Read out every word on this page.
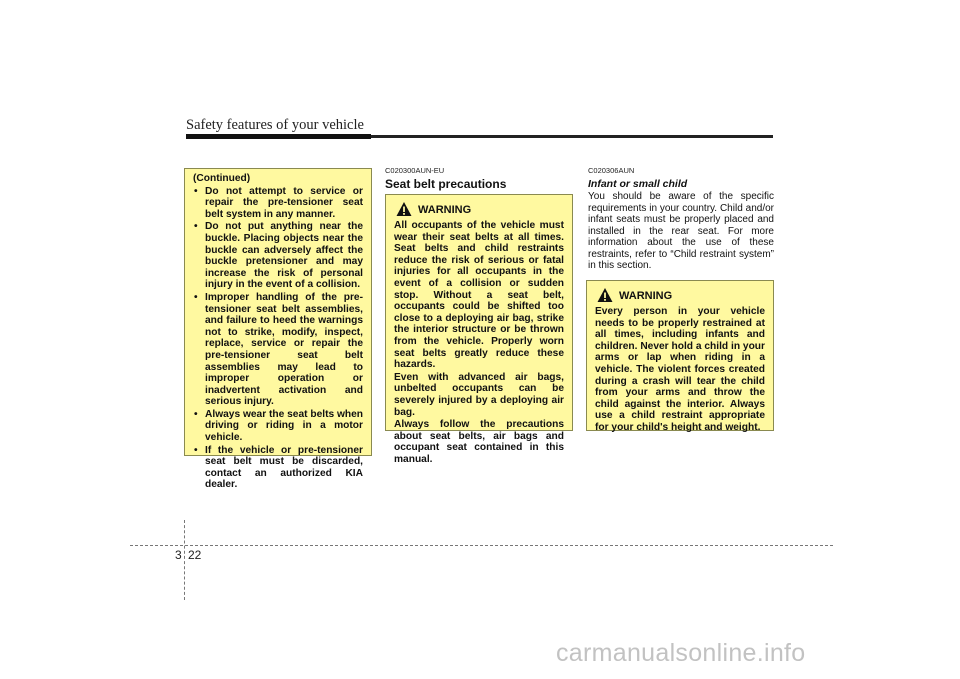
Safety features of your vehicle
(Continued)
• Do not attempt to service or repair the pre-tensioner seat belt system in any manner.
• Do not put anything near the buckle. Placing objects near the buckle can adversely affect the buckle pretensioner and may increase the risk of personal injury in the event of a collision.
• Improper handling of the pre-tensioner seat belt assemblies, and failure to heed the warnings not to strike, modify, inspect, replace, service or repair the pre-tensioner seat belt assemblies may lead to improper operation or inadvertent activation and serious injury.
• Always wear the seat belts when driving or riding in a motor vehicle.
• If the vehicle or pre-tensioner seat belt must be discarded, contact an authorized KIA dealer.
C020300AUN-EU
Seat belt precautions
WARNING

All occupants of the vehicle must wear their seat belts at all times. Seat belts and child restraints reduce the risk of serious or fatal injuries for all occupants in the event of a collision or sudden stop. Without a seat belt, occupants could be shifted too close to a deploying air bag, strike the interior structure or be thrown from the vehicle. Properly worn seat belts greatly reduce these hazards.

Even with advanced air bags, unbelted occupants can be severely injured by a deploying air bag.

Always follow the precautions about seat belts, air bags and occupant seat contained in this manual.

C020306AUN
Infant or small child
You should be aware of the specific requirements in your country. Child and/or infant seats must be properly placed and installed in the rear seat. For more information about the use of these restraints, refer to “Child restraint system” in this section.
WARNING
Every person in your vehicle needs to be properly restrained at all times, including infants and children. Never hold a child in your arms or lap when riding in a vehicle. The violent forces created during a crash will tear the child from your arms and throw the child against the interior. Always use a child restraint appropriate for your child's height and weight.
3 22
carmanualsonline.info
